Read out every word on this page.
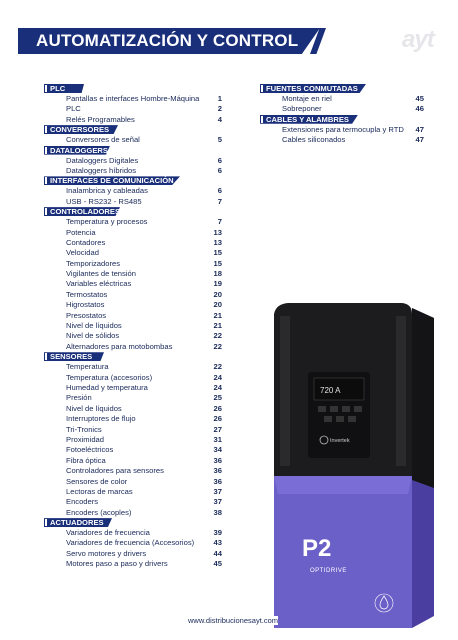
AUTOMATIZACIÓN Y CONTROL	ayt
PLC
Pantallas e interfaces Hombre-Máquina 1
PLC	2
Relés Programables	4
CONVERSORES
Conversores de señal	5
DATALOGGERS
Dataloggers Digitales	6
Dataloggers híbridos	6
INTERFACES DE COMUNICACIÓN
Inalambrica y cableadas	6
USB - RS232 - RS485	7
CONTROLADORES
Temperatura y procesos	7
Potencia	13
Contadores	13
Velocidad	15
Temporizadores	15
Vigilantes de tensión	18
Variables eléctricas	19
Termostatos	20
Higrostatos	20
Presostatos	21
Nivel de líquidos	21
Nivel de sólidos	22
Alternadores para motobombas	22
SENSORES
Temperatura	22
Temperatura (accesorios)	24
Humedad y temperatura	24
Presión	25
Nivel de líquidos	26
Interruptores de flujo	26
Tri-Tronics	27
Proximidad	31
Fotoeléctricos	34
Fibra óptica	36
Controladores para sensores	36
Sensores de color	36
Lectoras de marcas	37
Encoders	37
Encoders (acoples)	38
ACTUADORES
Variadores de frecuencia	39
Variadores de frecuencia (Accesorios)	43
Servo motores y drivers	44
Motores paso a paso y drivers	45
FUENTES CONMUTADAS
Montaje en riel	45
Sobreponer	46
CABLES Y ALAMBRES
Extensiones para termocupla y RTD 47
Cables siliconados	47
720 A
Invertek
P2
OPTIDRIVE
www.distribucionesayt.com
